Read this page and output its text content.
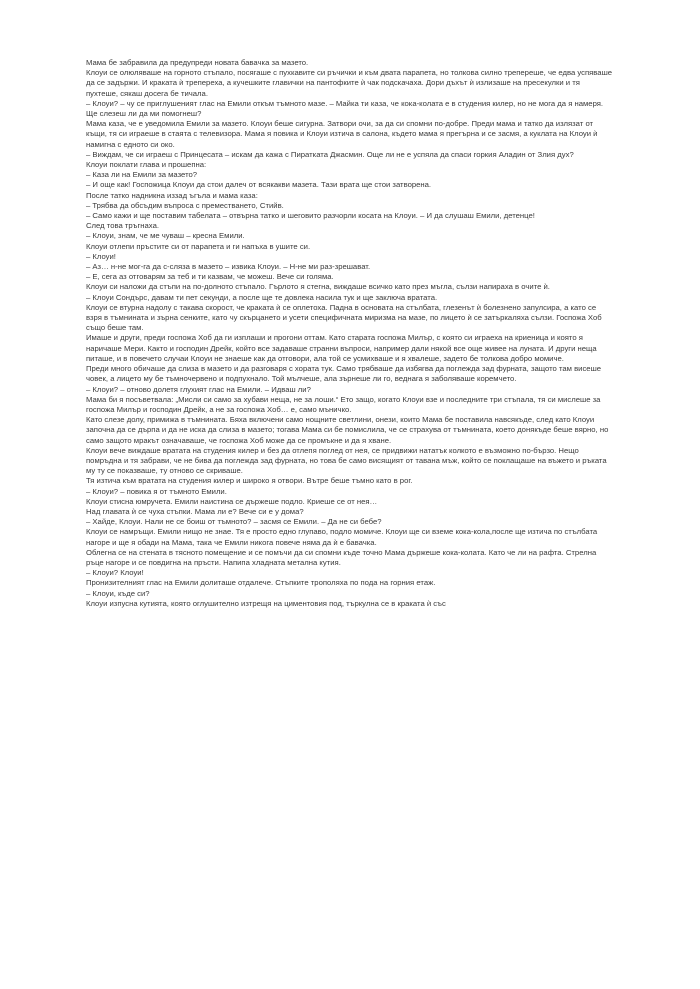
Мама бе забравила да предупреди новата бавачка за мазето.

Клоуи се олюляваше на горното стъпало, посягаше с пухкавите си ръчички и към двата парапета, но толкова силно трепереше, че едва успяваше да се задържи. И краката ѝ трепереха, а кучешките главички на пантофките ѝ чак подскачаха. Дори дъхът ѝ излизаше на пресекулки и тя пухтеше, сякаш досега бе тичала.

– Клоуи? – чу се приглушеният глас на Емили откъм тъмното мазе. – Майка ти каза, че кока-колата е в студения килер, но не мога да я намеря. Ще слезеш ли да ми помогнеш?

Мама каза, че е уведомила Емили за мазето. Клоуи беше сигурна. Затвори очи, за да си спомни по-добре. Преди мама и татко да излязат от къщи, тя си играеше в стаята с телевизора. Мама я повика и Клоуи изтича в салона, където мама я прегърна и се засмя, а куклата на Клоуи ѝ намигна с едното си око.

– Виждам, че си играеш с Принцесата – искам да кажа с Пиратката Джасмин. Още ли не е успяла да спаси горкия Аладин от Злия дух?

Клоуи поклати глава и прошепна:

– Каза ли на Емили за мазето?

– И още как! Госпожица Клоуи да стои далеч от всякакви мазета. Тази врата ще стои затворена.

После татко надникна иззад ъгъла и мама каза:

– Трябва да обсъдим въпроса с преместването, Стийв.

– Само кажи и ще поставим табелата – отвърна татко и шеговито разчорли косата на Клоуи. – И да слушаш Емили, детенце!

След това тръгнаха.

– Клоуи, знам, че ме чуваш – кресна Емили.

Клоуи отлепи пръстите си от парапета и ги напъха в ушите си.

– Клоуи!

– Аз… н-не мог-га да с-сляза в мазето – извика Клоуи. – Н-не ми раз-зрешават.

– Е, сега аз отговарям за теб и ти казвам, че можеш. Вече си голяма.

Клоуи си наложи да стъпи на по-долното стъпало. Гърлото я стегна, виждаше всичко като през мъгла, сълзи напираха в очите ѝ.

– Клоуи Сондърс, давам ти пет секунди, а после ще те довлека насила тук и ще заключа вратата.

Клоуи се втурна надолу с такава скорост, че краката ѝ се оплетоха. Падна в основата на стълбата, глезенът ѝ болезнено запулсира, а като се взря в тъмнината и зърна сенките, като чу скърцането и усети специфичната миризма на мазе, по лицето ѝ се затъркаляха сълзи. Госпожа Хоб също беше там.

Имаше и други, преди госпожа Хоб да ги изплаши и прогони оттам. Като старата госпожа Милър, с която си играеха на криеница и която я наричаше Мери. Както и господин Дрейк, който все задаваше странни въпроси, например дали някой все още живее на луната. И други неща питаше, и в повечето случаи Клоуи не знаеше как да отговори, ала той се усмихваше и я хвалеше, задето бе толкова добро момиче.

Преди много обичаше да слиза в мазето и да разговаря с хората тук. Само трябваше да избягва да поглежда зад фурната, защото там висеше човек, а лицето му бе тъмночервено и подпухнало. Той мълчеше, ала зърнеше ли го, веднага я заболяваше коремчето.

– Клоуи? – отново долетя глухият глас на Емили. – Идваш ли?

Мама би я посъветвала: „Мисли си само за хубави неща, не за лоши.“ Ето защо, когато Клоуи взе и последните три стъпала, тя си мислеше за госпожа Милър и господин Дрейк, а не за госпожа Хоб… е, само мъничко.

Като слезе долу, примижа в тъмнината. Бяха включени само нощните светлини, онези, които Мама бе поставила навсякъде, след като Клоуи започна да се дърпа и да не иска да слиза в мазето; тогава Мама си бе помислила, че се страхува от тъмнината, което донякъде беше вярно, но само защото мракът означаваше, че госпожа Хоб може да се промъкне и да я хване.

Клоуи вече виждаше вратата на студения килер и без да отлепя поглед от нея, се придвижи нататък колкото е възможно по-бързо. Нещо помръдна и тя забрави, че не бива да поглежда зад фурната, но това бе само висящият от тавана мъж, който се поклащаше на въжето и ръката му ту се показваше, ту отново се скриваше.

Тя изтича към вратата на студения килер и широко я отвори. Вътре беше тъмно като в рог.

– Клоуи? – повика я от тъмното Емили.

Клоуи стисна юмручета. Емили наистина се държеше подло. Криеше се от нея…

Над главата ѝ се чуха стъпки. Мама ли е? Вече си е у дома?

– Хайде, Клоуи. Нали не се боиш от тъмното? – засмя се Емили. – Да не си бебе?

Клоуи се намръщи. Емили нищо не знае. Тя е просто едно глупаво, подло момиче. Клоуи ще си вземе кока-кола,после ще изтича по стълбата нагоре и ще я обади на Мама, така че Емили никога повече няма да ѝ е бавачка.

Облегна се на стената в тясното помещение и се помъчи да си спомни къде точно Мама държеше кока-колата. Като че ли на рафта. Стрелна ръце нагоре и се повдигна на пръсти. Напипа хладната метална кутия.

– Клоуи? Клоуи!

Пронизителният глас на Емили долиташе отдалече. Стъпките трополяха по пода на горния етаж.

– Клоуи, къде си?

Клоуи изпусна кутията, която оглушително изтрещя на циментовия под, търкулна се в краката ѝ със
